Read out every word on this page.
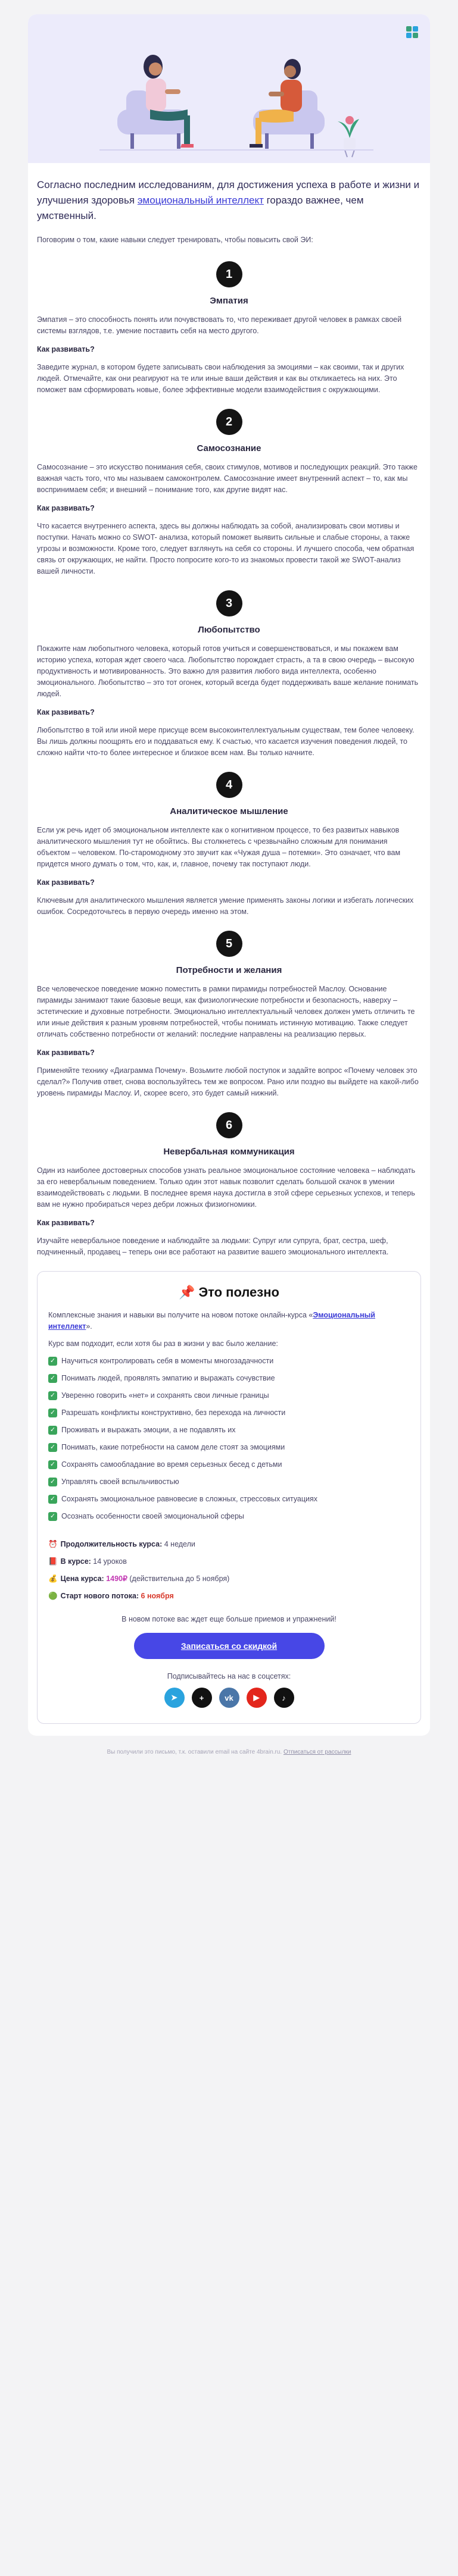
Согласно последним исследованиям, для достижения успеха в работе и жизни и улучшения здоровья эмоциональный интеллект гораздо важнее, чем умственный.

Поговорим о том, какие навыки следует тренировать, чтобы повысить свой ЭИ:

1
Эмпатия

Эмпатия – это способность понять или почувствовать то, что переживает другой человек в рамках своей системы взглядов, т.е. умение поставить себя на место другого.

Как развивать?

Заведите журнал, в котором будете записывать свои наблюдения за эмоциями – как своими, так и других людей. Отмечайте, как они реагируют на те или иные ваши действия и как вы откликаетесь на них. Это поможет вам сформировать новые, более эффективные модели взаимодействия с окружающими.

2
Самосознание

Самосознание – это искусство понимания себя, своих стимулов, мотивов и последующих реакций. Это также важная часть того, что мы называем самоконтролем. Самосознание имеет внутренний аспект – то, как мы воспринимаем себя; и внешний – понимание того, как другие видят нас.

Как развивать?

Что касается внутреннего аспекта, здесь вы должны наблюдать за собой, анализировать свои мотивы и поступки. Начать можно со SWOT- анализа, который поможет выявить сильные и слабые стороны, а также угрозы и возможности. Кроме того, следует взглянуть на себя со стороны. И лучшего способа, чем обратная связь от окружающих, не найти. Просто попросите кого-то из знакомых провести такой же SWOT-анализ вашей личности.

3
Любопытство

Покажите нам любопытного человека, который готов учиться и совершенствоваться, и мы покажем вам историю успеха, которая ждет своего часа. Любопытство порождает страсть, а та в свою очередь – высокую продуктивность и мотивированность. Это важно для развития любого вида интеллекта, особенно эмоционального. Любопытство – это тот огонек, который всегда будет поддерживать ваше желание понимать людей.

Как развивать?

Любопытство в той или иной мере присуще всем высокоинтеллектуальным существам, тем более человеку. Вы лишь должны поощрять его и поддаваться ему. К счастью, что касается изучения поведения людей, то сложно найти что-то более интересное и близкое всем нам. Вы только начните.

4
Аналитическое мышление

Если уж речь идет об эмоциональном интеллекте как о когнитивном процессе, то без развитых навыков аналитического мышления тут не обойтись. Вы столкнетесь с чрезвычайно сложным для понимания объектом – человеком. По-старомодному это звучит как «Чужая душа – потемки». Это означает, что вам придется много думать о том, что, как, и, главное, почему так поступают люди.

Как развивать?

Ключевым для аналитического мышления является умение применять законы логики и избегать логических ошибок. Сосредоточьтесь в первую очередь именно на этом.

5
Потребности и желания

Все человеческое поведение можно поместить в рамки пирамиды потребностей Маслоу. Основание пирамиды занимают такие базовые вещи, как физиологические потребности и безопасность, наверху – эстетические и духовные потребности. Эмоционально интеллектуальный человек должен уметь отличить те или иные действия к разным уровням потребностей, чтобы понимать истинную мотивацию. Также следует отличать собственно потребности от желаний: последние направлены на реализацию первых.

Как развивать?

Применяйте технику «Диаграмма Почему». Возьмите любой поступок и задайте вопрос «Почему человек это сделал?» Получив ответ, снова воспользуйтесь тем же вопросом. Рано или поздно вы выйдете на какой-либо уровень пирамиды Маслоу. И, скорее всего, это будет самый нижний.

6
Невербальная коммуникация

Один из наиболее достоверных способов узнать реальное эмоциональное состояние человека – наблюдать за его невербальным поведением. Только один этот навык позволит сделать большой скачок в умении взаимодействовать с людьми. В последнее время наука достигла в этой сфере серьезных успехов, и теперь вам не нужно пробираться через дебри ложных физиогномики.

Как развивать?

Изучайте невербальное поведение и наблюдайте за людьми: Супруг или супруга, брат, сестра, шеф, подчиненный, продавец – теперь они все работают на развитие вашего эмоционального интеллекта.

📌 Это полезно

Комплексные знания и навыки вы получите на новом потоке онлайн-курса «Эмоциональный интеллект».

Курс вам подходит, если хотя бы раз в жизни у вас было желание:

✓ Научиться контролировать себя в моменты многозадачности
✓ Понимать людей, проявлять эмпатию и выражать сочувствие
✓ Уверенно говорить «нет» и сохранять свои личные границы
✓ Разрешать конфликты конструктивно, без перехода на личности
✓ Проживать и выражать эмоции, а не подавлять их
✓ Понимать, какие потребности на самом деле стоят за эмоциями
✓ Сохранять самообладание во время серьезных бесед с детьми
✓ Управлять своей вспыльчивостью
✓ Сохранять эмоциональное равновесие в сложных, стрессовых ситуациях
✓ Осознать особенности своей эмоциональной сферы

⏰ Продолжительность курса: 4 недели

📕 В курсе: 14 уроков

💰 Цена курса: 1490₽ (действительна до 5 ноября)

🟢 Старт нового потока: 6 ноября

В новом потоке вас ждет еще больше приемов и упражнений!

Записаться со скидкой

Подписывайтесь на нас в соцсетях:

➤	+	vk	▶	♪

Вы получили это письмо, т.к. оставили email на сайте 4brain.ru. Отписаться от рассылки
